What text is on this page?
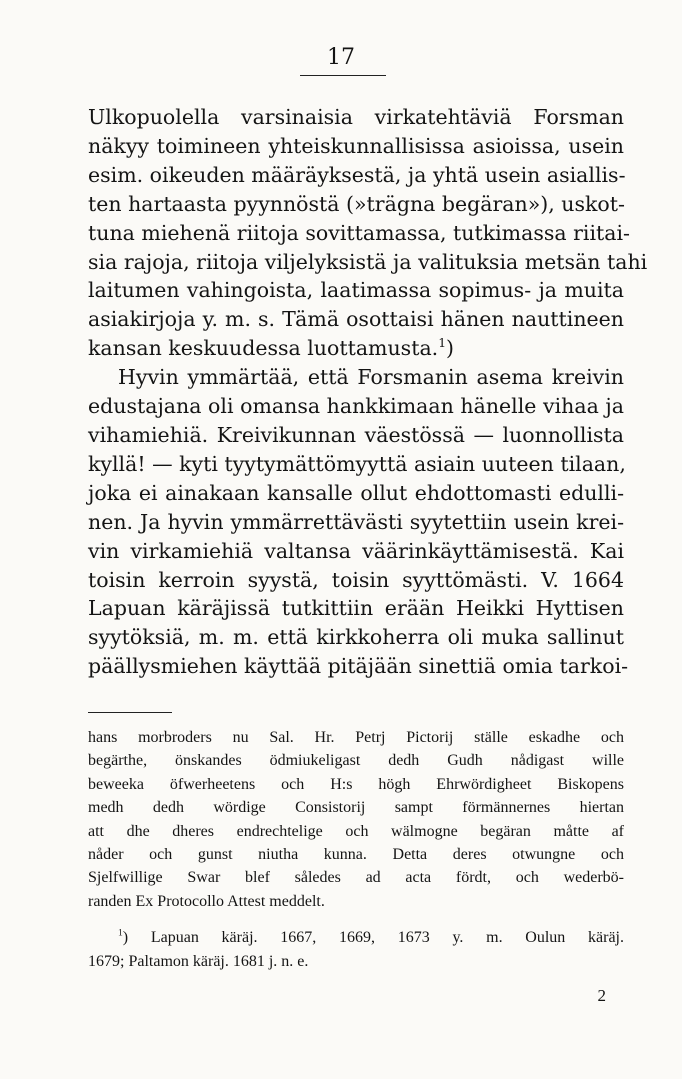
17
Ulkopuolella varsinaisia virkatehtäviä Forsman
näkyy toimineen yhteiskunnallisissa asioissa, usein
esim. oikeuden määräyksestä, ja yhtä usein asiallis-
ten hartaasta pyynnöstä (»trägna begäran»), uskot-
tuna miehenä riitoja sovittamassa, tutkimassa riitai-
sia rajoja, riitoja viljelyksistä ja valituksia metsän tahi
laitumen vahingoista, laatimassa sopimus- ja muita
asiakirjoja y. m. s. Tämä osottaisi hänen nauttineen
kansan keskuudessa luottamusta.$^1$)
Hyvin ymmärtää, että Forsmanin asema kreivin
edustajana oli omansa hankkimaan hänelle vihaa ja
vihamiehiä. Kreivikunnan väestössä — luonnollista
kyllä! — kyti tyytymättömyyttä asiain uuteen tilaan,
joka ei ainakaan kansalle ollut ehdottomasti edulli-
nen. Ja hyvin ymmärrettävästi syytettiin usein krei-
vin virkamiehiä valtansa väärinkäyttämisestä. Kai
toisin kerroin syystä, toisin syyttömästi. V. 1664
Lapuan käräjissä tutkittiin erään Heikki Hyttisen
syytöksiä, m. m. että kirkkoherra oli muka sallinut
päällysmiehen käyttää pitäjään sinettiä omia tarkoi-
hans morbroders nu Sal. Hr. Petrj Pictorij ställe eskadhe och
begärthe, önskandes ödmiukeligast dedh Gudh nådigast wille
beweeka öfwerheetens och H:s högh Ehrwördigheet Biskopens
medh dedh wördige Consistorij sampt förmännernes hiertan
att dhe dheres endrechtelige och wälmogne begäran måtte af
nåder och gunst niutha kunna. Detta deres otwungne och
Sjelfwillige Swar blef således ad acta fördt, och wederbö-
randen Ex Protocollo Attest meddelt.
$^1$) Lapuan käräj. 1667, 1669, 1673 y. m. Oulun käräj.
1679; Paltamon käräj. 1681 j. n. e.
2
